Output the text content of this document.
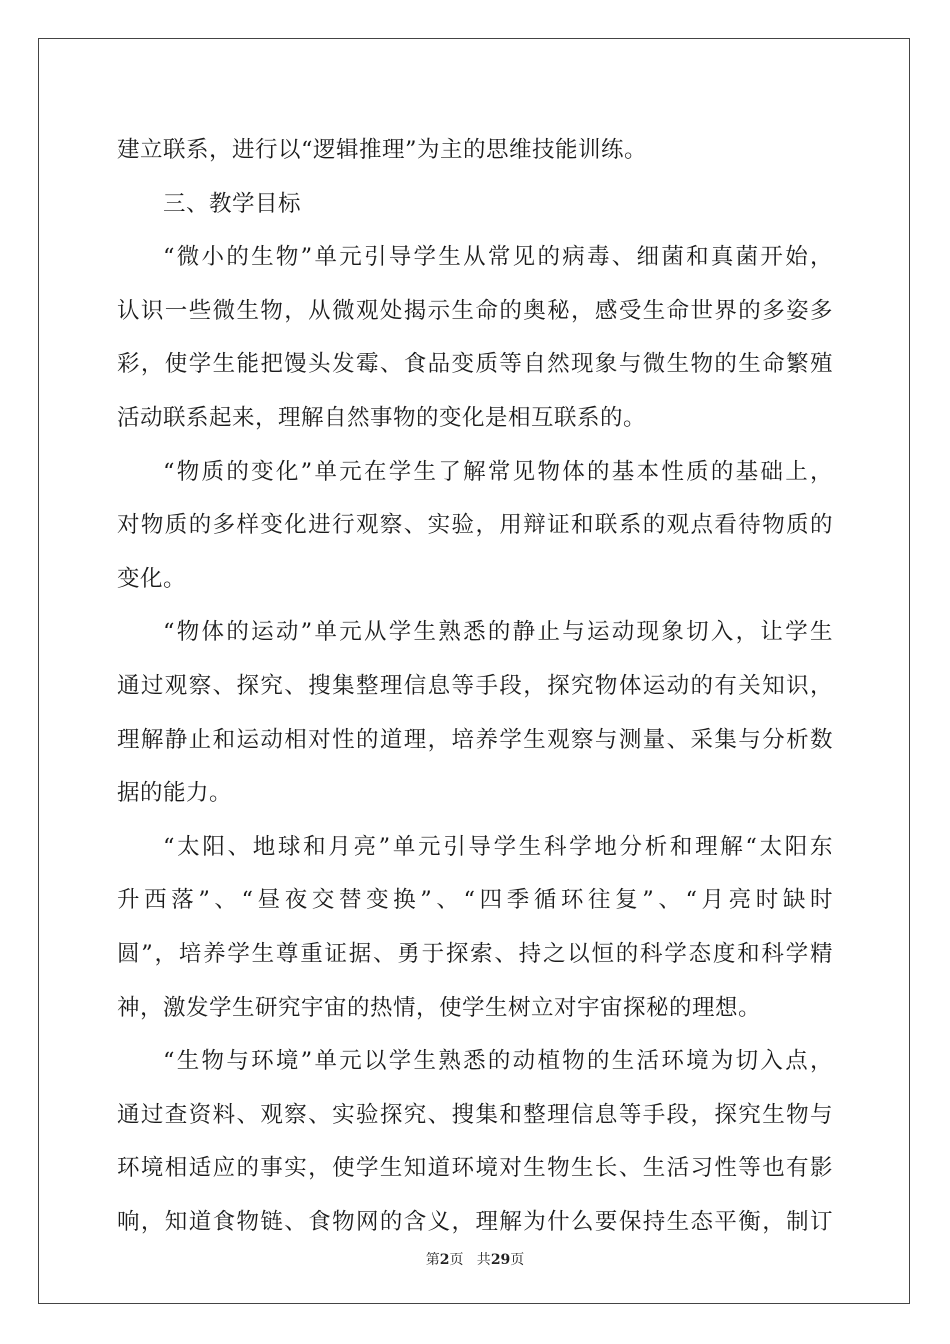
建立联系，进行以“逻辑推理”为主的思维技能训练。
三、教学目标
“微小的生物”单元引导学生从常见的病毒、细菌和真菌开始，
认识一些微生物，从微观处揭示生命的奥秘，感受生命世界的多姿多
彩，使学生能把馒头发霉、食品变质等自然现象与微生物的生命繁殖
活动联系起来，理解自然事物的变化是相互联系的。
“物质的变化”单元在学生了解常见物体的基本性质的基础上，
对物质的多样变化进行观察、实验，用辩证和联系的观点看待物质的
变化。
“物体的运动”单元从学生熟悉的静止与运动现象切入，让学生
通过观察、探究、搜集整理信息等手段，探究物体运动的有关知识，
理解静止和运动相对性的道理，培养学生观察与测量、采集与分析数
据的能力。
“太阳、地球和月亮”单元引导学生科学地分析和理解“太阳东
升西落”、“昼夜交替变换”、“四季循环往复”、“月亮时缺时
圆”，培养学生尊重证据、勇于探索、持之以恒的科学态度和科学精
神，激发学生研究宇宙的热情，使学生树立对宇宙探秘的理想。
“生物与环境”单元以学生熟悉的动植物的生活环境为切入点，
通过查资料、观察、实验探究、搜集和整理信息等手段，探究生物与
环境相适应的事实，使学生知道环境对生物生长、生活习性等也有影
响，知道食物链、食物网的含义，理解为什么要保持生态平衡，制订
第2页   共29页
